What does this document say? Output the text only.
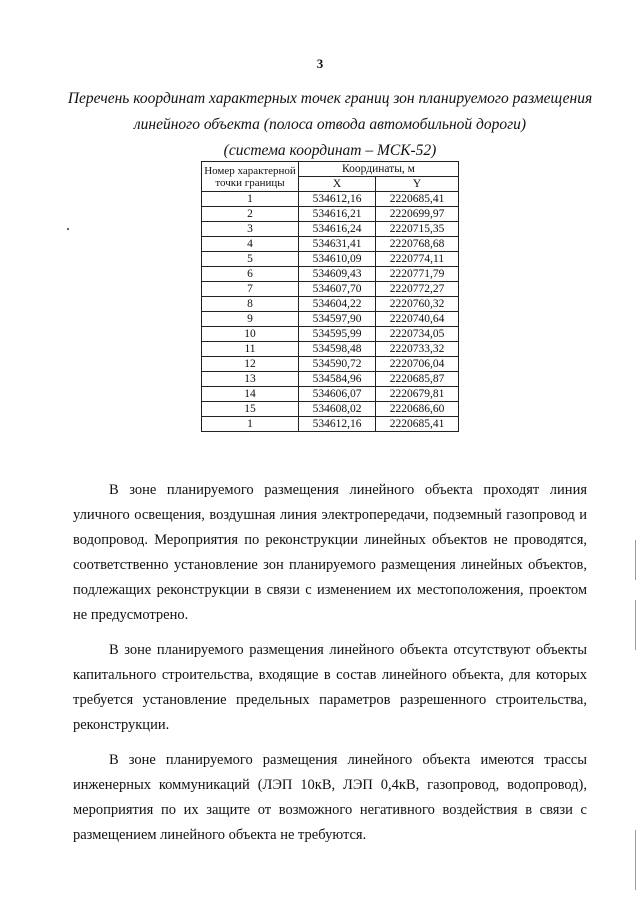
3
Перечень координат характерных точек границ зон планируемого размещения
линейного объекта (полоса отвода автомобильной дороги)
(система координат – МСК-52)
Номер характерной точки границы	Координаты, м	
	X	Y
1	534612,16	2220685,41
2	534616,21	2220699,97
3	534616,24	2220715,35
4	534631,41	2220768,68
5	534610,09	2220774,11
6	534609,43	2220771,79
7	534607,70	2220772,27
8	534604,22	2220760,32
9	534597,90	2220740,64
10	534595,99	2220734,05
11	534598,48	2220733,32
12	534590,72	2220706,04
13	534584,96	2220685,87
14	534606,07	2220679,81
15	534608,02	2220686,60
1	534612,16	2220685,41

В зоне планируемого размещения линейного объекта проходят линия уличного освещения, воздушная линия электропередачи, подземный газопровод и водопровод. Мероприятия по реконструкции линейных объектов не проводятся, соответственно установление зон планируемого размещения линейных объектов, подлежащих реконструкции в связи с изменением их местоположения, проектом не предусмотрено.

В зоне планируемого размещения линейного объекта отсутствуют объекты капитального строительства, входящие в состав линейного объекта, для которых требуется установление предельных параметров разрешенного строительства, реконструкции.

В зоне планируемого размещения линейного объекта имеются трассы инженерных коммуникаций (ЛЭП 10кВ, ЛЭП 0,4кВ, газопровод, водопровод), мероприятия по их защите от возможного негативного воздействия в связи с размещением линейного объекта не требуются.
